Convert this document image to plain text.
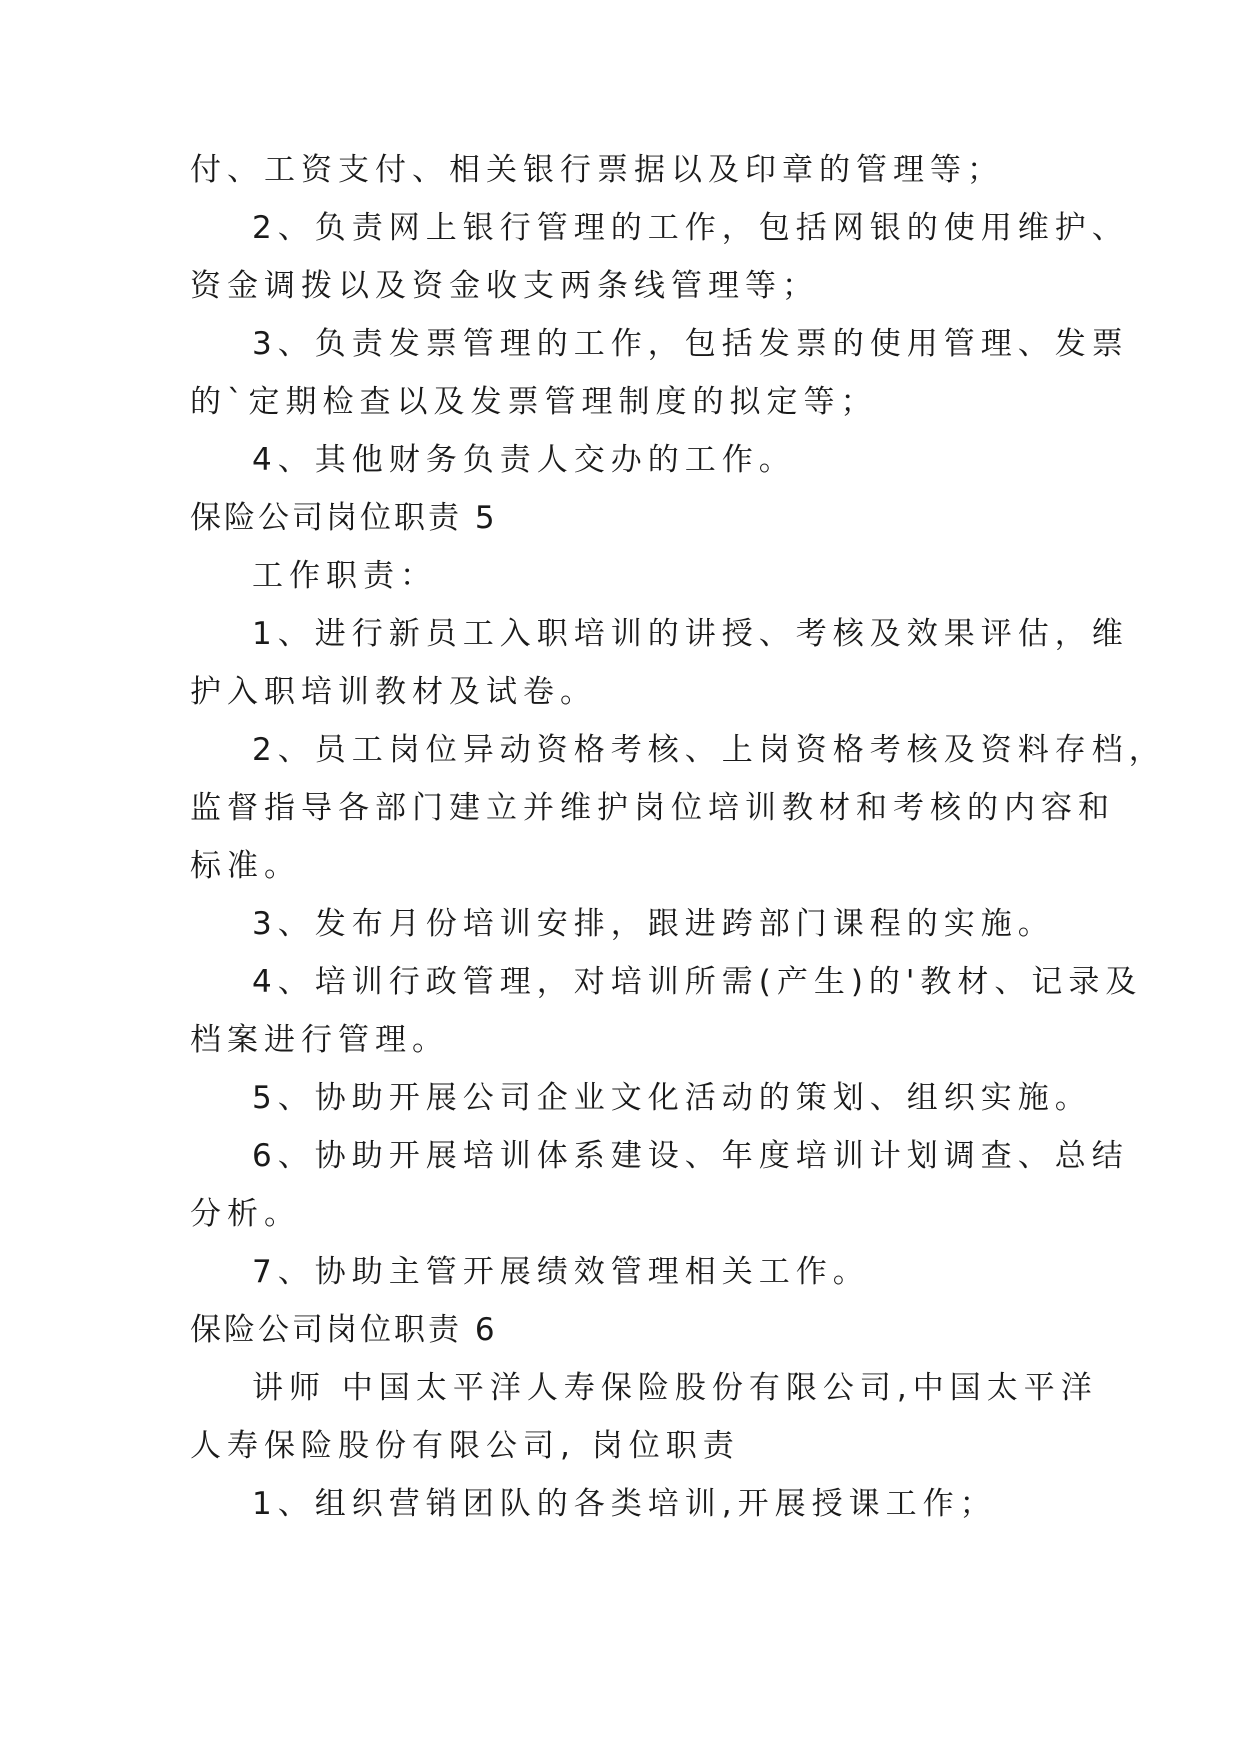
付、工资支付、相关银行票据以及印章的管理等；
2、负责网上银行管理的工作，包括网银的使用维护、
资金调拨以及资金收支两条线管理等；
3、负责发票管理的工作，包括发票的使用管理、发票
的`定期检查以及发票管理制度的拟定等；
4、其他财务负责人交办的工作。
保险公司岗位职责 5
工作职责：
1、进行新员工入职培训的讲授、考核及效果评估，维
护入职培训教材及试卷。
2、员工岗位异动资格考核、上岗资格考核及资料存档，
监督指导各部门建立并维护岗位培训教材和考核的内容和
标准。
3、发布月份培训安排，跟进跨部门课程的实施。
4、培训行政管理，对培训所需(产生)的'教材、记录及
档案进行管理。
5、协助开展公司企业文化活动的策划、组织实施。
6、协助开展培训体系建设、年度培训计划调查、总结
分析。
7、协助主管开展绩效管理相关工作。
保险公司岗位职责 6
讲师 中国太平洋人寿保险股份有限公司,中国太平洋
人寿保险股份有限公司, 岗位职责
1、组织营销团队的各类培训,开展授课工作；
